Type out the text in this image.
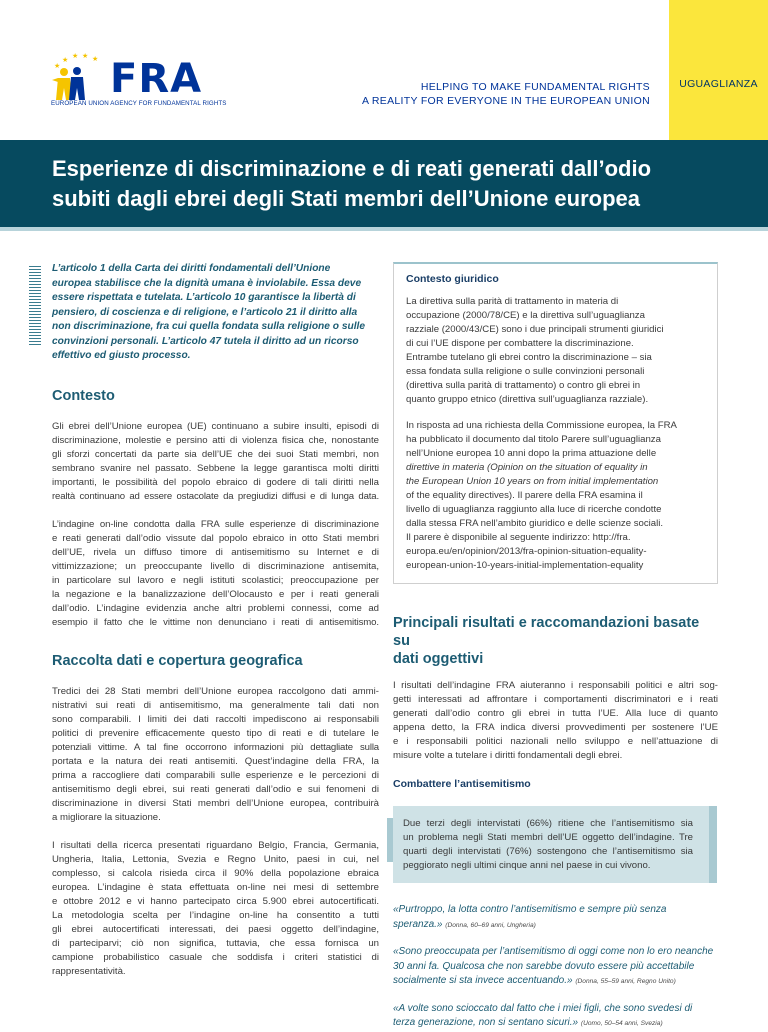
★
★ ★ ★ ★ FRA
EUROPEAN UNION AGENCY FOR FUNDAMENTAL RIGHTS
HELPING TO MAKE FUNDAMENTAL RIGHTS
A REALITY FOR EVERYONE IN THE EUROPEAN UNION
UGUAGLIANZA
Esperienze di discriminazione e di reati generati dall’odio
subiti dagli ebrei degli Stati membri dell’Unione europea
L’articolo 1 della Carta dei diritti fondamentali dell’Unione
europea stabilisce che la dignità umana è inviolabile. Essa deve
essere rispettata e tutelata. L’articolo 10 garantisce la libertà di
pensiero, di coscienza e di religione, e l’articolo 21 il diritto alla
non discriminazione, fra cui quella fondata sulla religione o sulle
convinzioni personali. L’articolo 47 tutela il diritto ad un ricorso
effettivo ed giusto processo.
Contesto
Gli ebrei dell’Unione europea (UE) continuano a subire insulti, episodi di
discriminazione, molestie e persino atti di violenza fisica che, nonostante
gli sforzi concertati da parte sia dell’UE che dei suoi Stati membri, non
sembrano svanire nel passato. Sebbene la legge garantisca molti diritti
importanti, le possibilità del popolo ebraico di godere di tali diritti nella
realtà continuano ad essere ostacolate da pregiudizi diffusi e di lunga data.
L’indagine on-line condotta dalla FRA sulle esperienze di discriminazione
e reati generati dall’odio vissute dal popolo ebraico in otto Stati membri
dell’UE, rivela un diffuso timore di antisemitismo su Internet e di
vittimizzazione; un preoccupante livello di discriminazione antisemita,
in particolare sul lavoro e negli istituti scolastici; preoccupazione per
la negazione e la banalizzazione dell’Olocausto e per i reati generali
dall’odio. L’indagine evidenzia anche altri problemi connessi, come ad
esempio il fatto che le vittime non denunciano i reati di antisemitismo.
Raccolta dati e copertura geografica
Tredici dei 28 Stati membri dell’Unione europea raccolgono dati ammi-
nistrativi sui reati di antisemitismo, ma generalmente tali dati non
sono comparabili. I limiti dei dati raccolti impediscono ai responsabili
politici di prevenire efficacemente questo tipo di reati e di tutelare le
potenziali vittime. A tal fine occorrono informazioni più dettagliate sulla
portata e la natura dei reati antisemiti. Quest’indagine della FRA, la
prima a raccogliere dati comparabili sulle esperienze e le percezioni di
antisemitismo degli ebrei, sui reati generati dall’odio e sui fenomeni di
discriminazione in diversi Stati membri dell’Unione europea, contribuirà
a migliorare la situazione.
I risultati della ricerca presentati riguardano Belgio, Francia, Germania,
Ungheria, Italia, Lettonia, Svezia e Regno Unito, paesi in cui, nel
complesso, si calcola risieda circa il 90% della popolazione ebraica
europea. L’indagine è stata effettuata on-line nei mesi di settembre
e ottobre 2012 e vi hanno partecipato circa 5.900 ebrei autocertificati.
La metodologia scelta per l’indagine on-line ha consentito a tutti
gli ebrei autocertificati interessati, dei paesi oggetto dell’indagine,
di parteciparvi; ciò non significa, tuttavia, che essa fornisca un
campione probabilistico casuale che soddisfa i criteri statistici di
rappresentatività.
Contesto giuridico
La direttiva sulla parità di trattamento in materia di
occupazione (2000/78/CE) e la direttiva sull’uguaglianza
razziale (2000/43/CE) sono i due principali strumenti giuridici
di cui l’UE dispone per combattere la discriminazione.
Entrambe tutelano gli ebrei contro la discriminazione – sia
essa fondata sulla religione o sulle convinzioni personali
(direttiva sulla parità di trattamento) o contro gli ebrei in
quanto gruppo etnico (direttiva sull’uguaglianza razziale).
In risposta ad una richiesta della Commissione europea, la FRA
ha pubblicato il documento dal titolo Parere sull’uguaglianza
nell’Unione europea 10 anni dopo la prima attuazione delle
direttive in materia (Opinion on the situation of equality in
the European Union 10 years on from initial implementation
of the equality directives). Il parere della FRA esamina il
livello di uguaglianza raggiunto alla luce di ricerche condotte
dalla stessa FRA nell’ambito giuridico e delle scienze sociali.
Il parere è disponibile al seguente indirizzo: http://fra.
europa.eu/en/opinion/2013/fra-opinion-situation-equality-
european-union-10-years-initial-implementation-equality
Principali risultati e raccomandazioni basate su
dati oggettivi
I risultati dell’indagine FRA aiuteranno i responsabili politici e altri sog-
getti interessati ad affrontare i comportamenti discriminatori e i reati
generati dall’odio contro gli ebrei in tutta l’UE. Alla luce di quanto
appena detto, la FRA indica diversi provvedimenti per sostenere l’UE
e i responsabili politici nazionali nello sviluppo e nell’attuazione di
misure volte a tutelare i diritti fondamentali degli ebrei.
Combattere l’antisemitismo
Due terzi degli intervistati (66%) ritiene che l’antisemitismo sia
un problema negli Stati membri dell’UE oggetto dell’indagine. Tre
quarti degli intervistati (76%) sostengono che l’antisemitismo sia
peggiorato negli ultimi cinque anni nel paese in cui vivono.
«Purtroppo, la lotta contro l’antisemitismo e sempre più senza
speranza.» (Donna, 60–69 anni, Ungheria)
«Sono preoccupata per l’antisemitismo di oggi come non lo ero neanche
30 anni fa. Qualcosa che non sarebbe dovuto essere più accettabile
socialmente si sta invece accentuando.» (Donna, 55–59 anni, Regno Unito)
«A volte sono scioccato dal fatto che i miei figli, che sono svedesi di
terza generazione, non si sentano sicuri.» (Uomo, 50–54 anni, Svezia)
